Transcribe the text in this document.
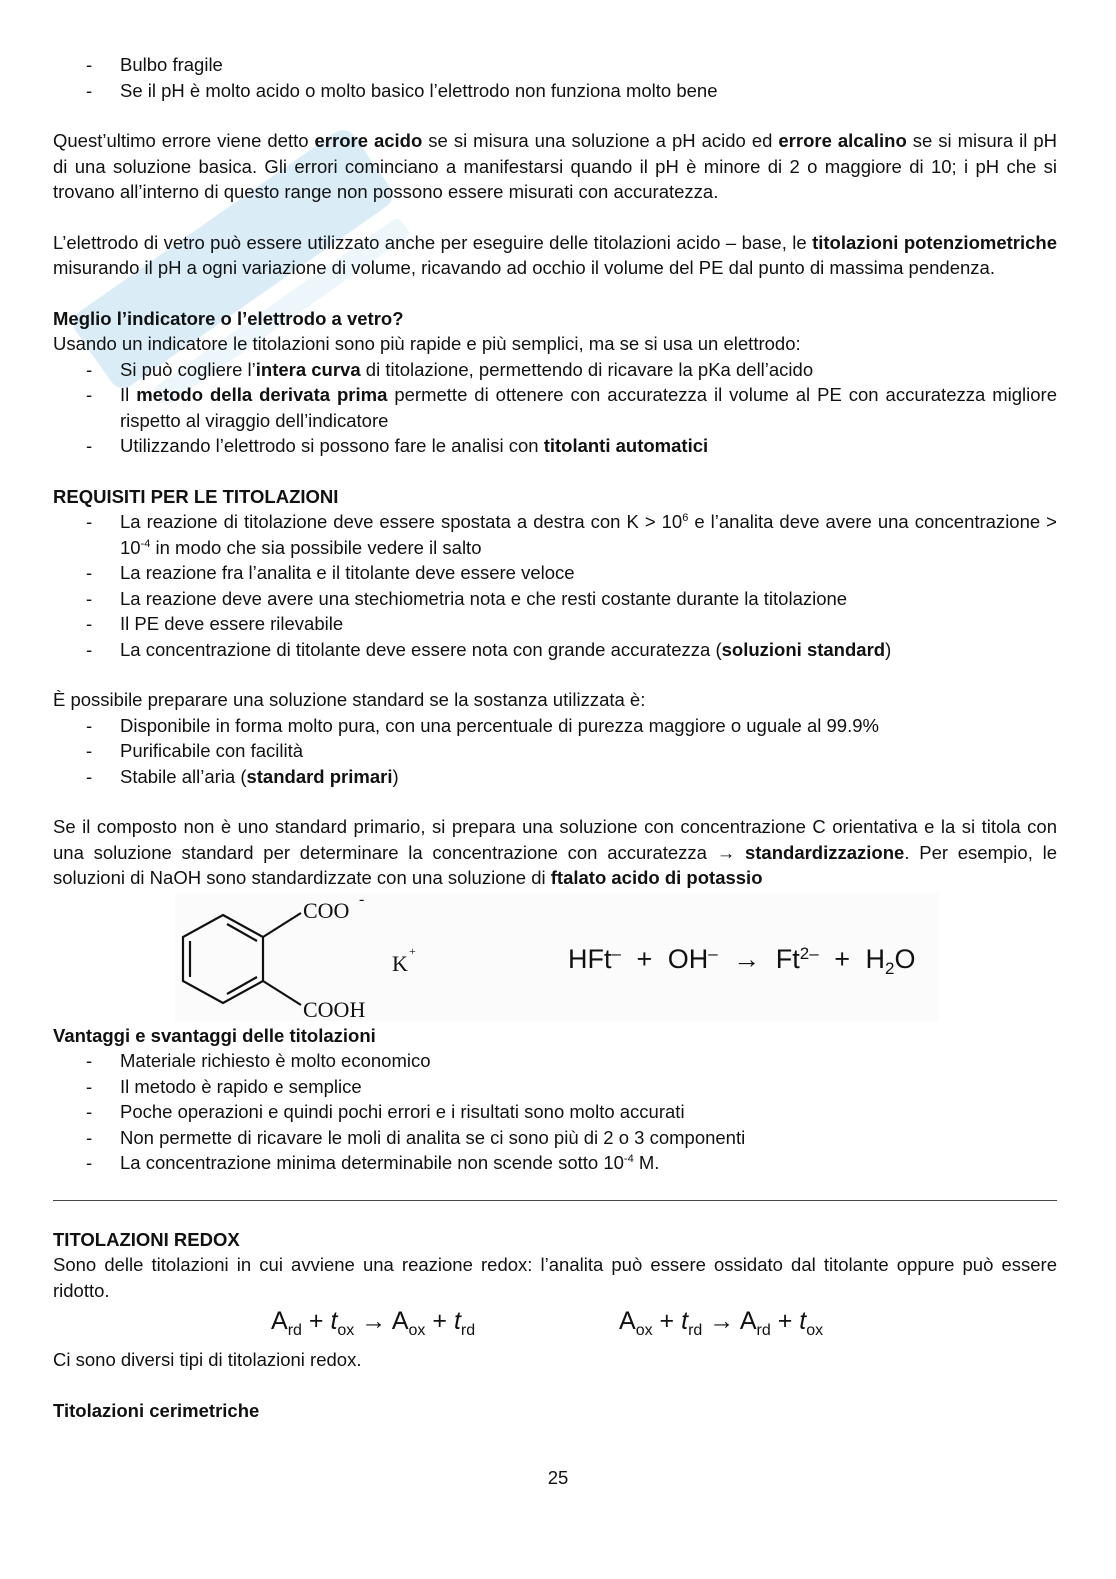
- Bulbo fragile
- Se il pH è molto acido o molto basico l’elettrodo non funziona molto bene

Quest’ultimo errore viene detto errore acido se si misura una soluzione a pH acido ed errore alcalino se si misura il pH di una soluzione basica. Gli errori cominciano a manifestarsi quando il pH è minore di 2 o maggiore di 10; i pH che si trovano all’interno di questo range non possono essere misurati con accuratezza.

L’elettrodo di vetro può essere utilizzato anche per eseguire delle titolazioni acido – base, le titolazioni potenziometriche misurando il pH a ogni variazione di volume, ricavando ad occhio il volume del PE dal punto di massima pendenza.

Meglio l’indicatore o l’elettrodo a vetro?

Usando un indicatore le titolazioni sono più rapide e più semplici, ma se si usa un elettrodo:

- Si può cogliere l’intera curva di titolazione, permettendo di ricavare la pKa dell’acido
- Il metodo della derivata prima permette di ottenere con accuratezza il volume al PE con accuratezza migliore rispetto al viraggio dell’indicatore
- Utilizzando l’elettrodo si possono fare le analisi con titolanti automatici

REQUISITI PER LE TITOLAZIONI

- La reazione di titolazione deve essere spostata a destra con $K > 10^6$ e l’analita deve avere una concentrazione > $10^{-4}$ in modo che sia possibile vedere il salto
- La reazione fra l’analita e il titolante deve essere veloce
- La reazione deve avere una stechiometria nota e che resti costante durante la titolazione
- Il PE deve essere rilevabile
- La concentrazione di titolante deve essere nota con grande accuratezza (soluzioni standard)

È possibile preparare una soluzione standard se la sostanza utilizzata è:

- Disponibile in forma molto pura, con una percentuale di purezza maggiore o uguale al 99.9%
- Purificabile con facilità
- Stabile all’aria (standard primari)

Se il composto non è uno standard primario, si prepara una soluzione con concentrazione C orientativa e la si titola con una soluzione standard per determinare la concentrazione con accuratezza → standardizzazione. Per esempio, le soluzioni di NaOH sono standardizzate con una soluzione di ftalato acido di potassio

COO -
COOH
K +	$HFt^- + OH^- \to Ft^{2-} + H_2O$

Vantaggi e svantaggi delle titolazioni

- Materiale richiesto è molto economico
- Il metodo è rapido e semplice
- Poche operazioni e quindi pochi errori e i risultati sono molto accurati
- Non permette di ricavare le moli di analita se ci sono più di 2 o 3 componenti
- La concentrazione minima determinabile non scende sotto $10^{-4}$ M.

TITOLAZIONI REDOX

Sono delle titolazioni in cui avviene una reazione redox: l’analita può essere ossidato dal titolante oppure può essere ridotto.

$A_{rd} + t_{ox} \to A_{ox} + t_{rd}$	$A_{ox} + t_{rd} \to A_{rd} + t_{ox}$

Ci sono diversi tipi di titolazioni redox.

Titolazioni cerimetriche

25
